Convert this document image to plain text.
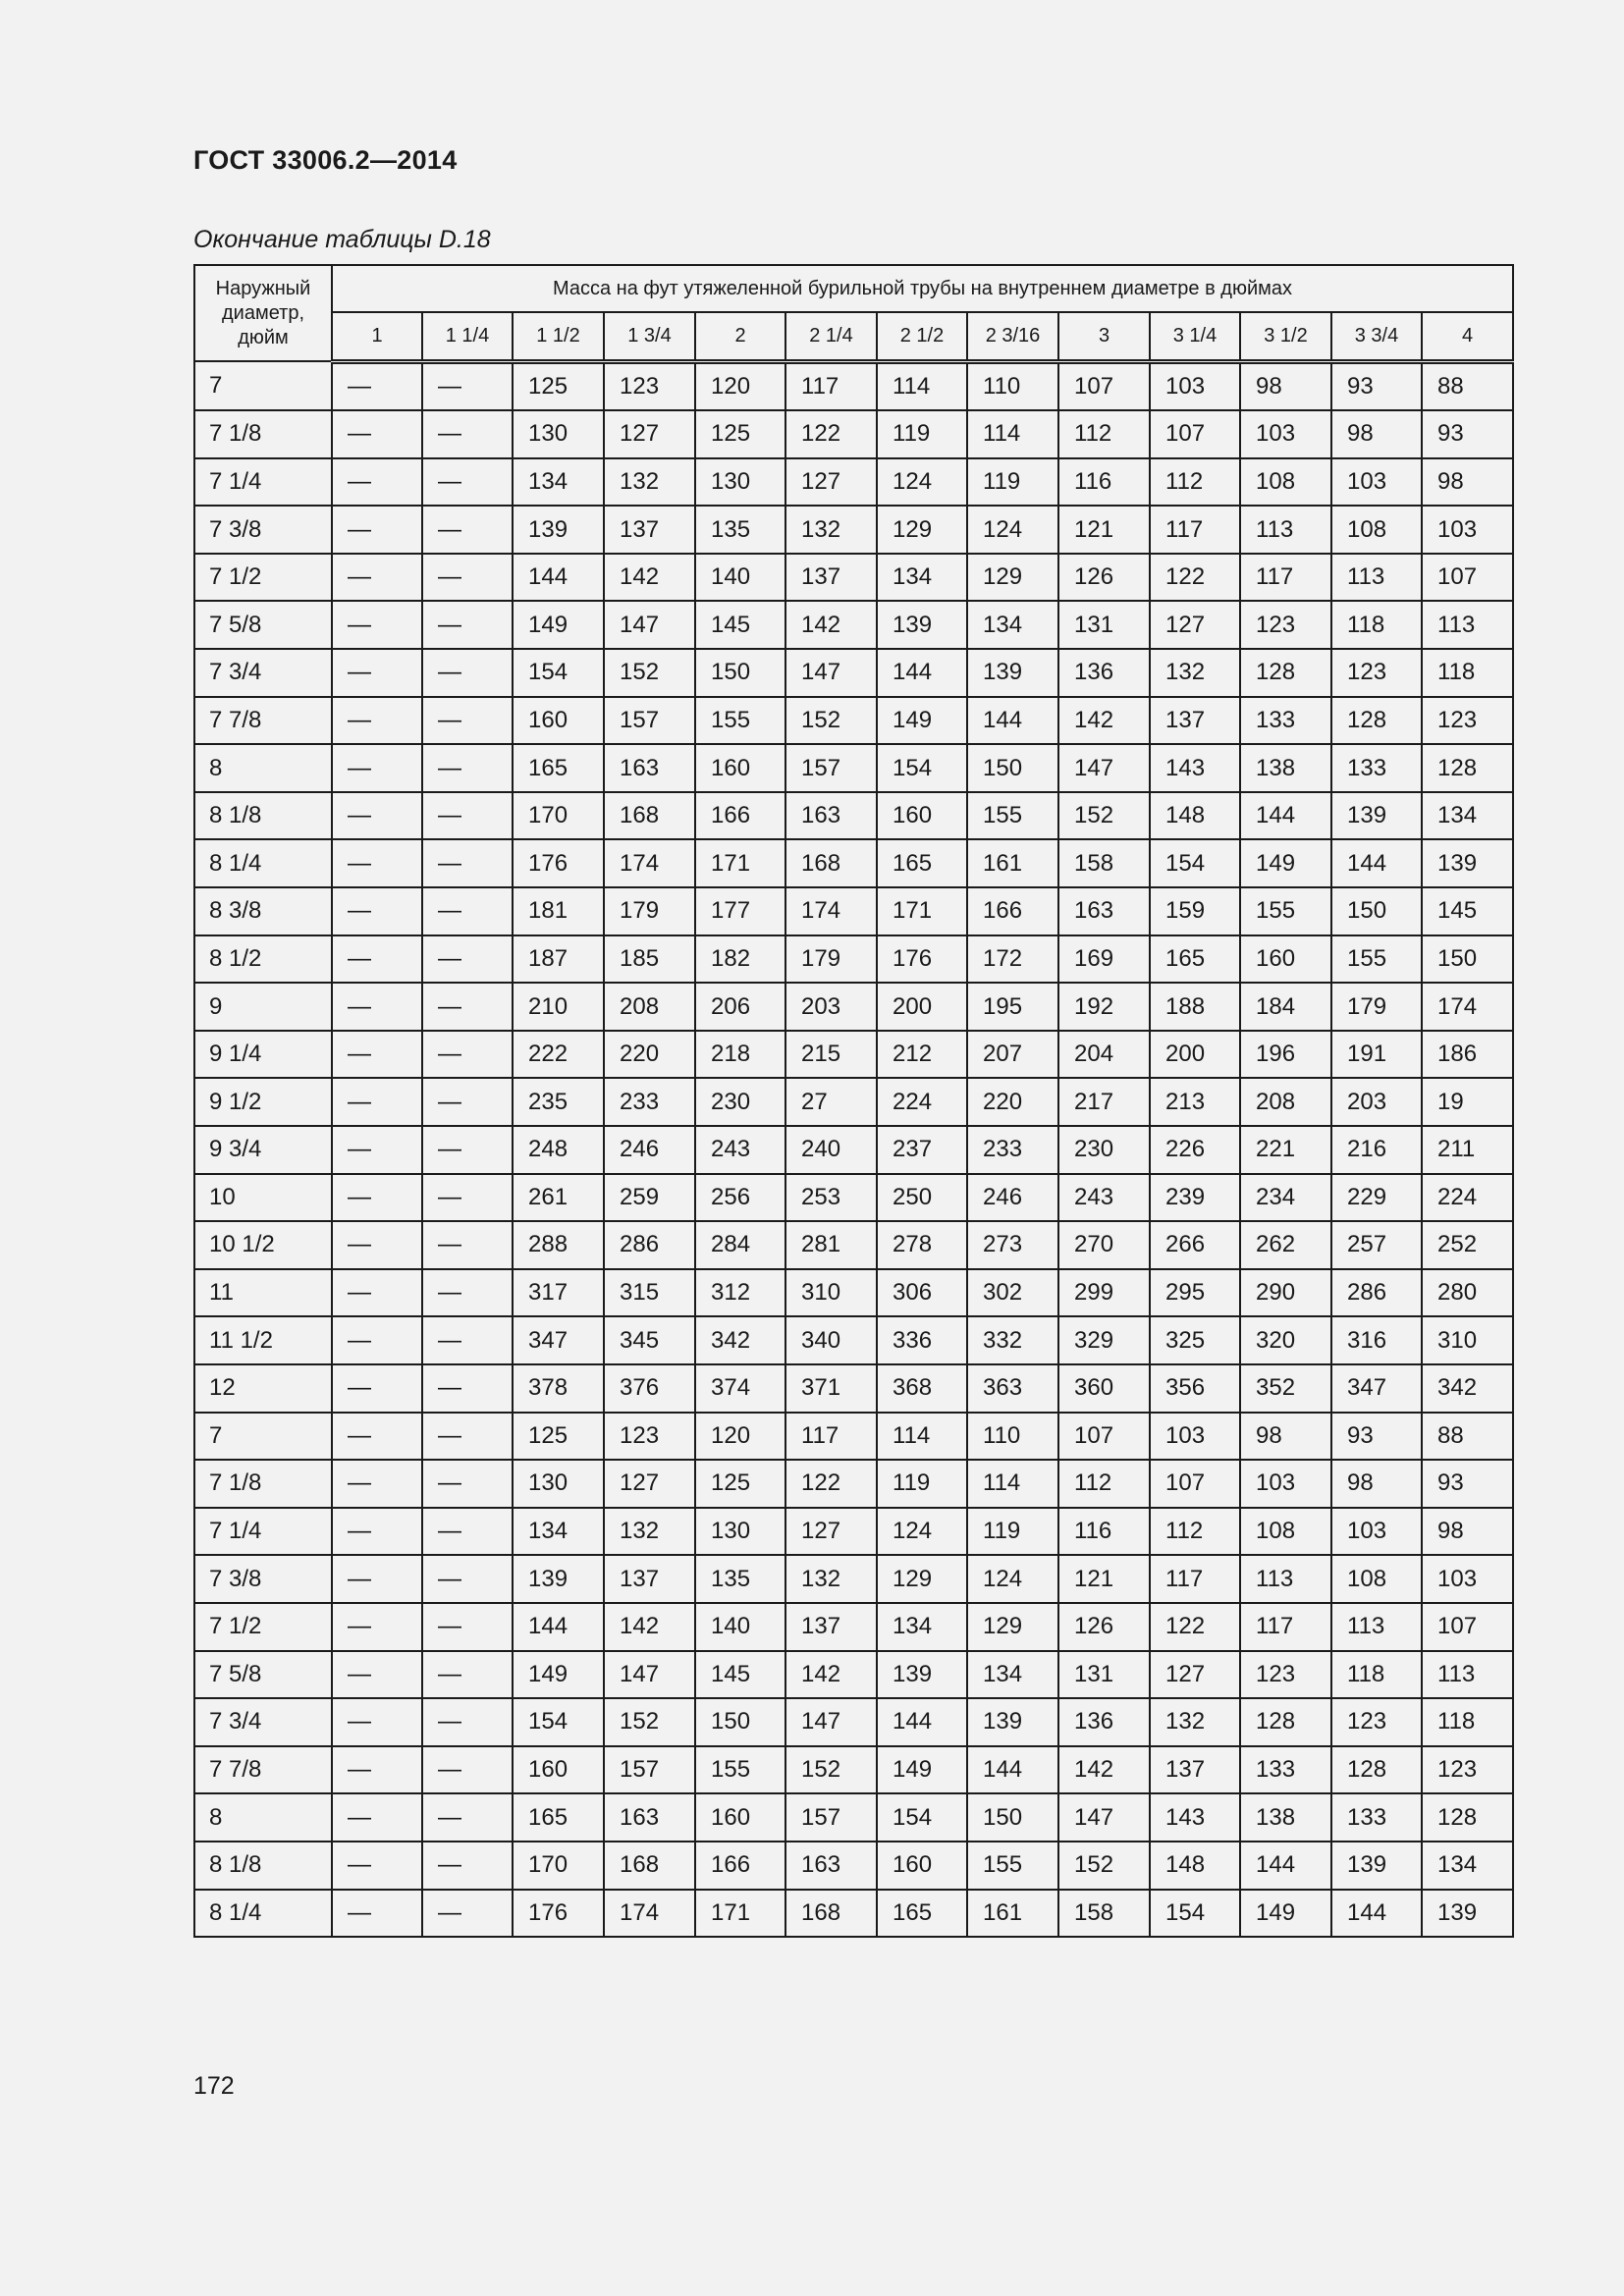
ГОСТ 33006.2—2014
Окончание таблицы D.18
Наружный диаметр, дюйм	Масса на фут утяжеленной бурильной трубы на внутреннем диаметре в дюймах												
	1	1 1/4	1 1/2	1 3/4	2	2 1/4	2 1/2	2 3/16	3	3 1/4	3 1/2	3 3/4	4
7	—	—	125	123	120	117	114	110	107	103	98	93	88
7 1/8	—	—	130	127	125	122	119	114	112	107	103	98	93
7 1/4	—	—	134	132	130	127	124	119	116	112	108	103	98
7 3/8	—	—	139	137	135	132	129	124	121	117	113	108	103
7 1/2	—	—	144	142	140	137	134	129	126	122	117	113	107
7 5/8	—	—	149	147	145	142	139	134	131	127	123	118	113
7 3/4	—	—	154	152	150	147	144	139	136	132	128	123	118
7 7/8	—	—	160	157	155	152	149	144	142	137	133	128	123
8	—	—	165	163	160	157	154	150	147	143	138	133	128
8 1/8	—	—	170	168	166	163	160	155	152	148	144	139	134
8 1/4	—	—	176	174	171	168	165	161	158	154	149	144	139
8 3/8	—	—	181	179	177	174	171	166	163	159	155	150	145
8 1/2	—	—	187	185	182	179	176	172	169	165	160	155	150
9	—	—	210	208	206	203	200	195	192	188	184	179	174
9 1/4	—	—	222	220	218	215	212	207	204	200	196	191	186
9 1/2	—	—	235	233	230	27	224	220	217	213	208	203	19
9 3/4	—	—	248	246	243	240	237	233	230	226	221	216	211
10	—	—	261	259	256	253	250	246	243	239	234	229	224
10 1/2	—	—	288	286	284	281	278	273	270	266	262	257	252
11	—	—	317	315	312	310	306	302	299	295	290	286	280
11 1/2	—	—	347	345	342	340	336	332	329	325	320	316	310
12	—	—	378	376	374	371	368	363	360	356	352	347	342
7	—	—	125	123	120	117	114	110	107	103	98	93	88
7 1/8	—	—	130	127	125	122	119	114	112	107	103	98	93
7 1/4	—	—	134	132	130	127	124	119	116	112	108	103	98
7 3/8	—	—	139	137	135	132	129	124	121	117	113	108	103
7 1/2	—	—	144	142	140	137	134	129	126	122	117	113	107
7 5/8	—	—	149	147	145	142	139	134	131	127	123	118	113
7 3/4	—	—	154	152	150	147	144	139	136	132	128	123	118
7 7/8	—	—	160	157	155	152	149	144	142	137	133	128	123
8	—	—	165	163	160	157	154	150	147	143	138	133	128
8 1/8	—	—	170	168	166	163	160	155	152	148	144	139	134
8 1/4	—	—	176	174	171	168	165	161	158	154	149	144	139
172
